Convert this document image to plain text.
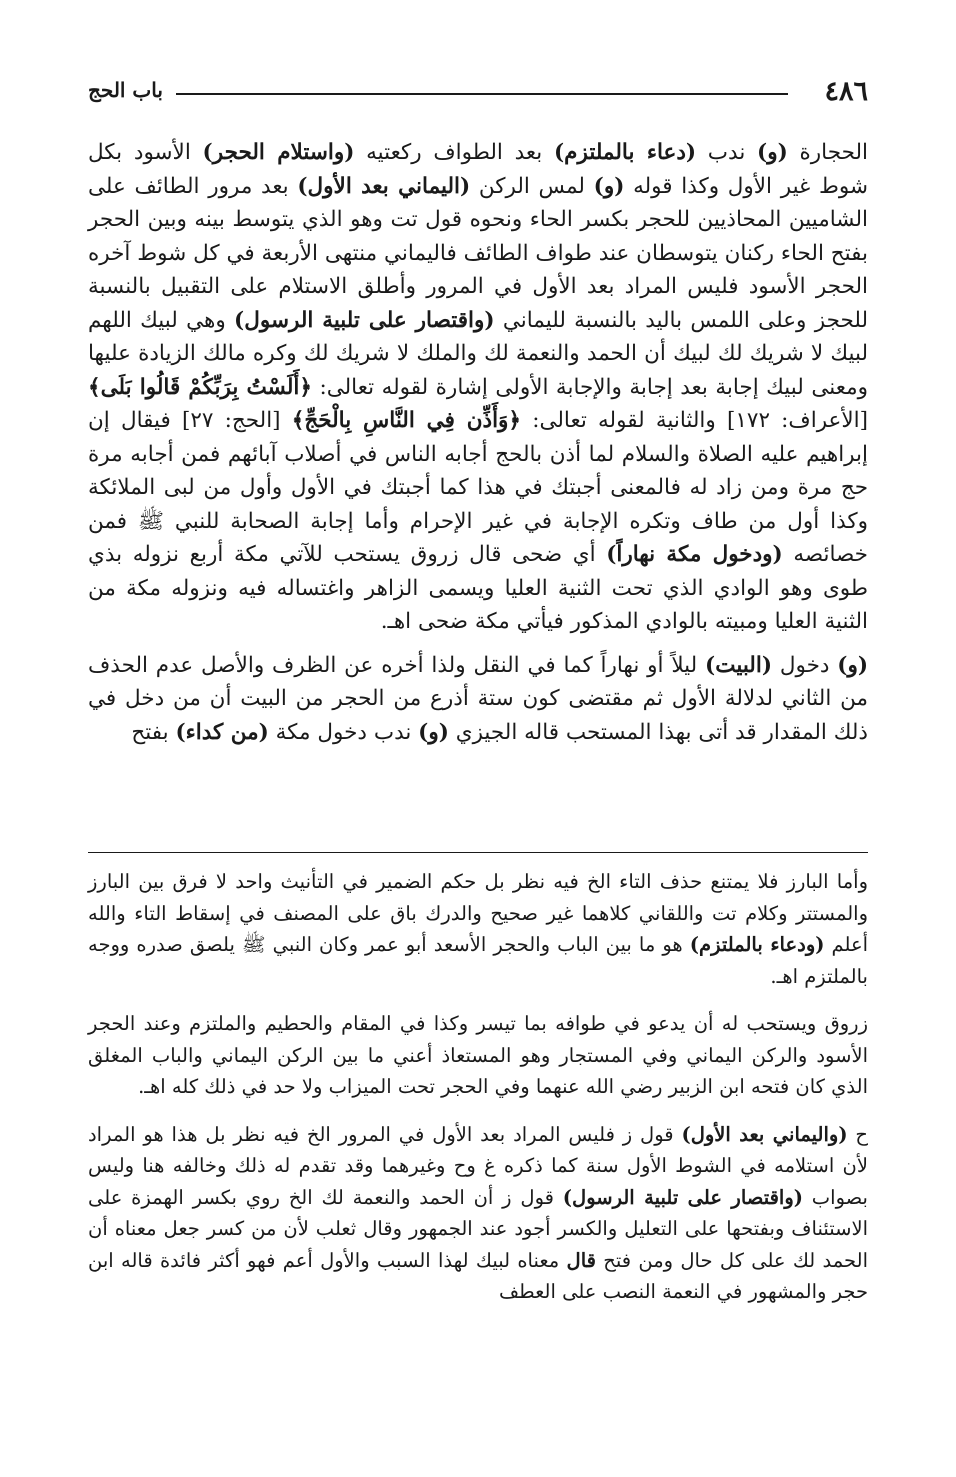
٤٨٦
باب الحج

الحجارة (و) ندب (دعاء بالملتزم) بعد الطواف ركعتيه (واستلام الحجر) الأسود بكل شوط غير الأول وكذا قوله (و) لمس الركن (اليماني بعد الأول) بعد مرور الطائف على الشاميين المحاذيين للحجر بكسر الحاء ونحوه قول تت وهو الذي يتوسط بينه وبين الحجر بفتح الحاء ركنان يتوسطان عند طواف الطائف فاليماني منتهى الأربعة في كل شوط آخره الحجر الأسود فليس المراد بعد الأول في المرور وأطلق الاستلام على التقبيل بالنسبة للحجز وعلى اللمس باليد بالنسبة لليماني (واقتصار على تلبية الرسول) وهي لبيك اللهم لبيك لا شريك لك لبيك أن الحمد والنعمة لك والملك لا شريك لك وكره مالك الزيادة عليها ومعنى لبيك إجابة بعد إجابة والإجابة الأولى إشارة لقوله تعالى: ﴿أَلَسْتُ بِرَبِّكُمْ قَالُوا بَلَى﴾ [الأعراف: ١٧٢] والثانية لقوله تعالى: ﴿وَأَذِّن فِي النَّاسِ بِالْحَجِّ﴾ [الحج: ٢٧] فيقال إن إبراهيم عليه الصلاة والسلام لما أذن بالحج أجابه الناس في أصلاب آبائهم فمن أجابه مرة حج مرة ومن زاد له فالمعنى أجبتك في هذا كما أجبتك في الأول وأول من لبى الملائكة وكذا أول من طاف وتكره الإجابة في غير الإحرام وأما إجابة الصحابة للنبي ﷺ فمن خصائصه (ودخول مكة نهاراً) أي ضحى قال زروق يستحب للآتي مكة أربع نزوله بذي طوى وهو الوادي الذي تحت الثنية العليا ويسمى الزاهر واغتساله فيه ونزوله مكة من الثنية العليا ومبيته بالوادي المذكور فيأتي مكة ضحى اهـ.

(و) دخول (البيت) ليلاً أو نهاراً كما في النقل ولذا أخره عن الظرف والأصل عدم الحذف من الثاني لدلالة الأول ثم مقتضى كون ستة أذرع من الحجر من البيت أن من دخل في ذلك المقدار قد أتى بهذا المستحب قاله الجيزي (و) ندب دخول مكة (من كداء) بفتح

وأما البارز فلا يمتنع حذف التاء الخ فيه نظر بل حكم الضمير في التأنيث واحد لا فرق بين البارز والمستتر وكلام تت واللقاني كلاهما غير صحيح والدرك باق على المصنف في إسقاط التاء والله أعلم (ودعاء بالملتزم) هو ما بين الباب والحجر الأسعد أبو عمر وكان النبي ﷺ يلصق صدره ووجه بالملتزم اهـ.

زروق ويستحب له أن يدعو في طوافه بما تيسر وكذا في المقام والحطيم والملتزم وعند الحجر الأسود والركن اليماني وفي المستجار وهو المستعاذ أعني ما بين الركن اليماني والباب المغلق الذي كان فتحه ابن الزبير رضي الله عنهما وفي الحجر تحت الميزاب ولا حد في ذلك كله اهـ.

ح (واليماني بعد الأول) قول ز فليس المراد بعد الأول في المرور الخ فيه نظر بل هذا هو المراد لأن استلامه في الشوط الأول سنة كما ذكره غ وح وغيرهما وقد تقدم له ذلك وخالفه هنا وليس بصواب (واقتصار على تلبية الرسول) قول ز أن الحمد والنعمة لك الخ روي بكسر الهمزة على الاستئناف وبفتحها على التعليل والكسر أجود عند الجمهور وقال ثعلب لأن من كسر جعل معناه أن الحمد لك على كل حال ومن فتح قال معناه لبيك لهذا السبب والأول أعم فهو أكثر فائدة قاله ابن حجر والمشهور في النعمة النصب على العطف
